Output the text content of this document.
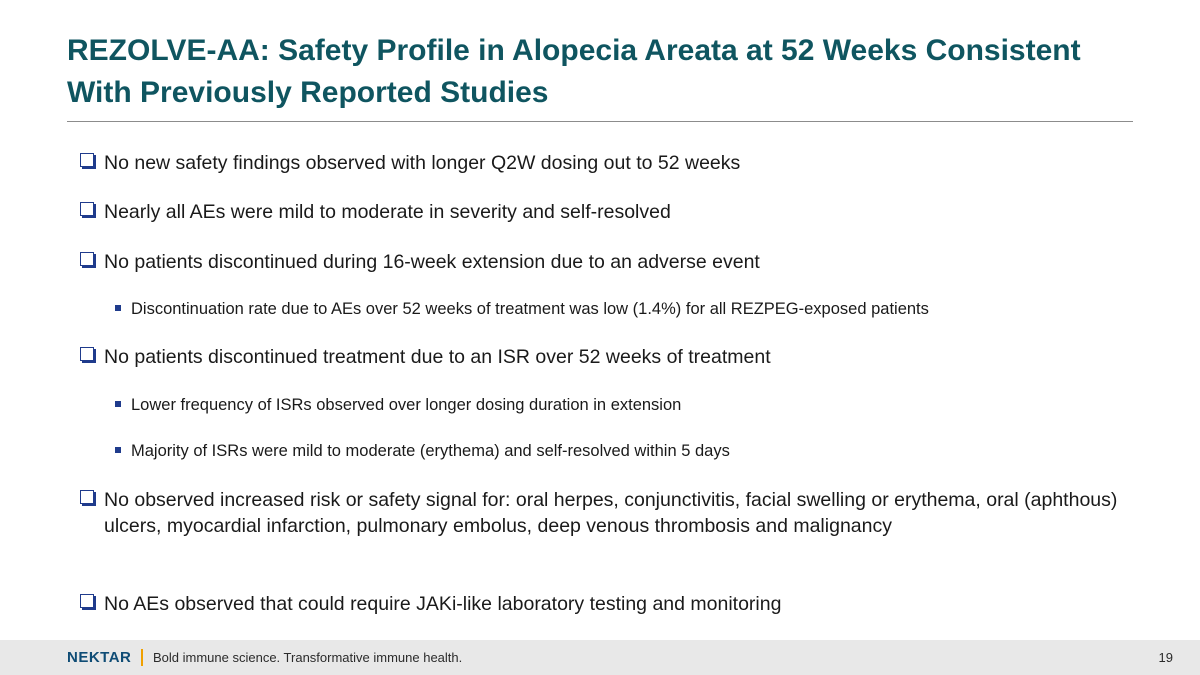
REZOLVE-AA: Safety Profile in Alopecia Areata at 52 Weeks Consistent With Previously Reported Studies
No new safety findings observed with longer Q2W dosing out to 52 weeks
Nearly all AEs were mild to moderate in severity and self-resolved
No patients discontinued during 16-week extension due to an adverse event
Discontinuation rate due to AEs over 52 weeks of treatment was low (1.4%) for all REZPEG-exposed patients
No patients discontinued treatment due to an ISR over 52 weeks of treatment
Lower frequency of ISRs observed over longer dosing duration in extension
Majority of ISRs were mild to moderate (erythema) and self-resolved within 5 days
No observed increased risk or safety signal for: oral herpes, conjunctivitis, facial swelling or erythema, oral (aphthous) ulcers, myocardial infarction, pulmonary embolus, deep venous thrombosis and malignancy
No AEs observed that could require JAKi-like laboratory testing and monitoring
NEKTAR Bold immune science. Transformative immune health.	19
